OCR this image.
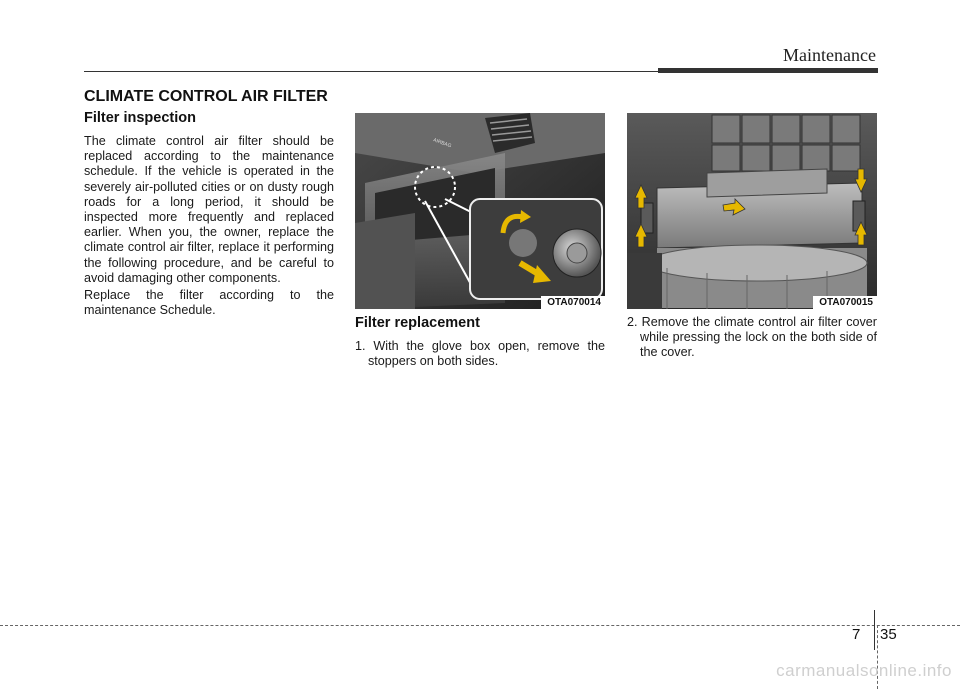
Maintenance
CLIMATE CONTROL AIR FILTER
Filter inspection

The climate control air filter should be replaced according to the maintenance schedule. If the vehicle is operated in the severely air-polluted cities or on dusty rough roads for a long period, it should be inspected more frequently and replaced earlier. When you, the owner, replace the climate control air filter, replace it performing the following procedure, and be careful to avoid damaging other components.

Replace the filter according to the maintenance Schedule.

AIRBAG
OTA070014	OTA070015
Filter replacement

1. With the glove box open, remove the stoppers on both sides.

2. Remove the climate control air filter cover while pressing the lock on the both side of the cover.

7 35
carmanualsonline.info
